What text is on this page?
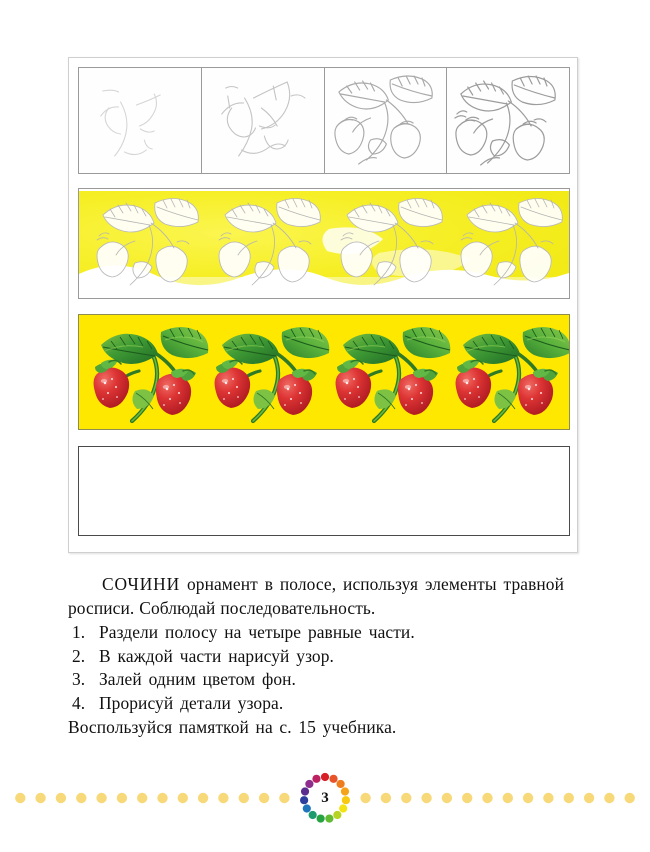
СОЧИНИ орнамент в полосе, используя элементы травной росписи. Соблюдай последовательность.

1. Раздели полосу на четыре равные части.
2. В каждой части нарисуй узор.
3. Залей одним цветом фон.
4. Прорисуй детали узора.

Воспользуйся памяткой на с. 15 учебника.

3
